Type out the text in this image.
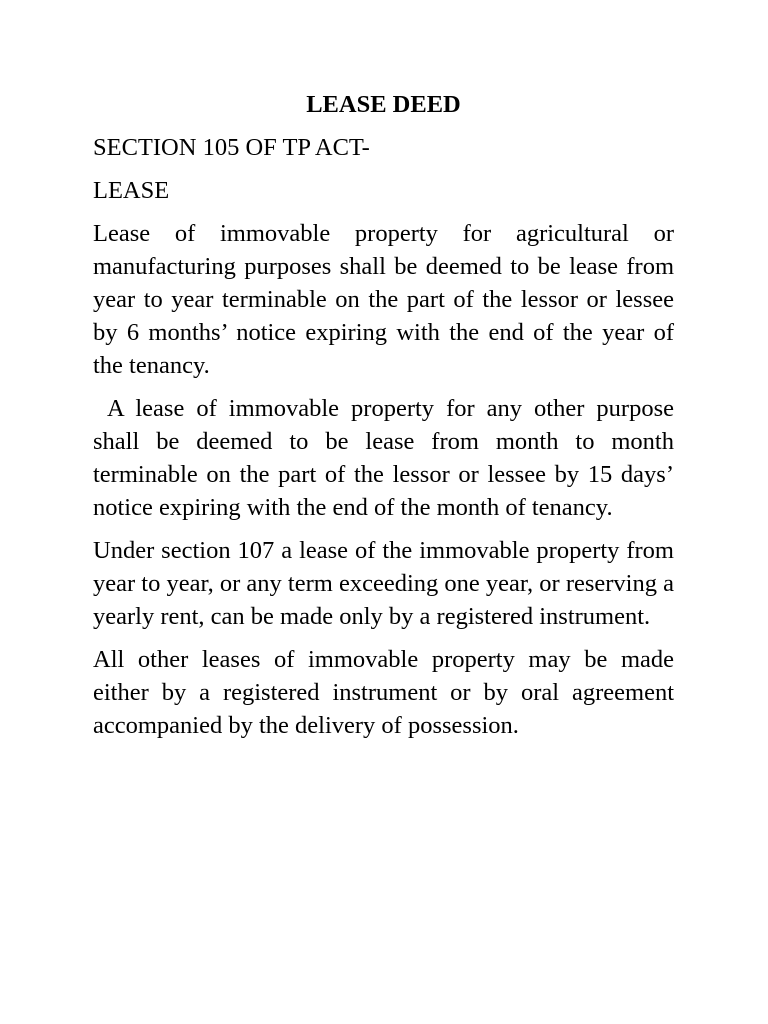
LEASE DEED
SECTION 105 OF TP ACT-
LEASE

Lease of immovable property for agricultural or manufacturing purposes shall be deemed to be lease from year to year terminable on the part of the lessor or lessee by 6 months’ notice expiring with the end of the year of the tenancy.

A lease of immovable property for any other purpose shall be deemed to be lease from month to month terminable on the part of the lessor or lessee by 15 days’ notice expiring with the end of the month of tenancy.

Under section 107 a lease of the immovable property from year to year, or any term exceeding one year, or reserving a yearly rent, can be made only by a registered instrument.

All other leases of immovable property may be made either by a registered instrument or by oral agreement accompanied by the delivery of possession.
